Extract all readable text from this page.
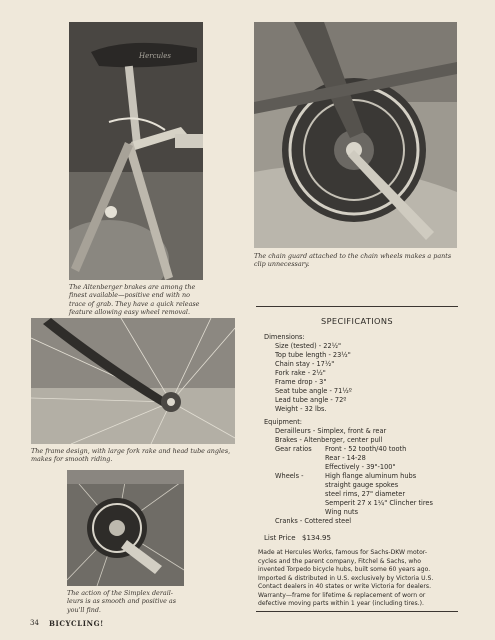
Hercules
The Altenberger brakes are among the
finest available—positive end with no
trace of grab. They have a quick release
feature allowing easy wheel removal.
The chain guard attached to the chain wheels makes a pants
clip unnecessary.
The frame design, with large fork rake and head tube angles,
makes for smooth riding.
The action of the Simplex derail-
leurs is as smooth and positive as
you'll find.
SPECIFICATIONS
Dimensions:
Size (tested) - 22½"
Top tube length - 23½"
Chain stay - 17½"
Fork rake - 2½"
Frame drop - 3"
Seat tube angle - 71½º
Lead tube angle - 72º
Weight - 32 lbs.
Equipment:
Derailleurs - Simplex, front & rear
Brakes - Altenberger, center pull
Gear ratios Front - 52 tooth/40 tooth
Rear - 14-28
Effectively - 39"-100"
Wheels -	High flange aluminum hubs
straight gauge spokes
steel rims, 27" diameter
Semperit 27 x 1¼" Clincher tires
Wing nuts
Cranks - Cottered steel
List Price $134.95
Made at Hercules Works, famous for Sachs-DKW motor-
cycles and the parent company, Fitchel & Sachs, who
invented Torpedo bicycle hubs, built some 60 years ago.
Imported & distributed in U.S. exclusively by Victoria U.S.
Contact dealers in 40 states or write Victoria for dealers.
Warranty—frame for lifetime & replacement of worn or
defective moving parts within 1 year (including tires.).
34 BICYCLING!
